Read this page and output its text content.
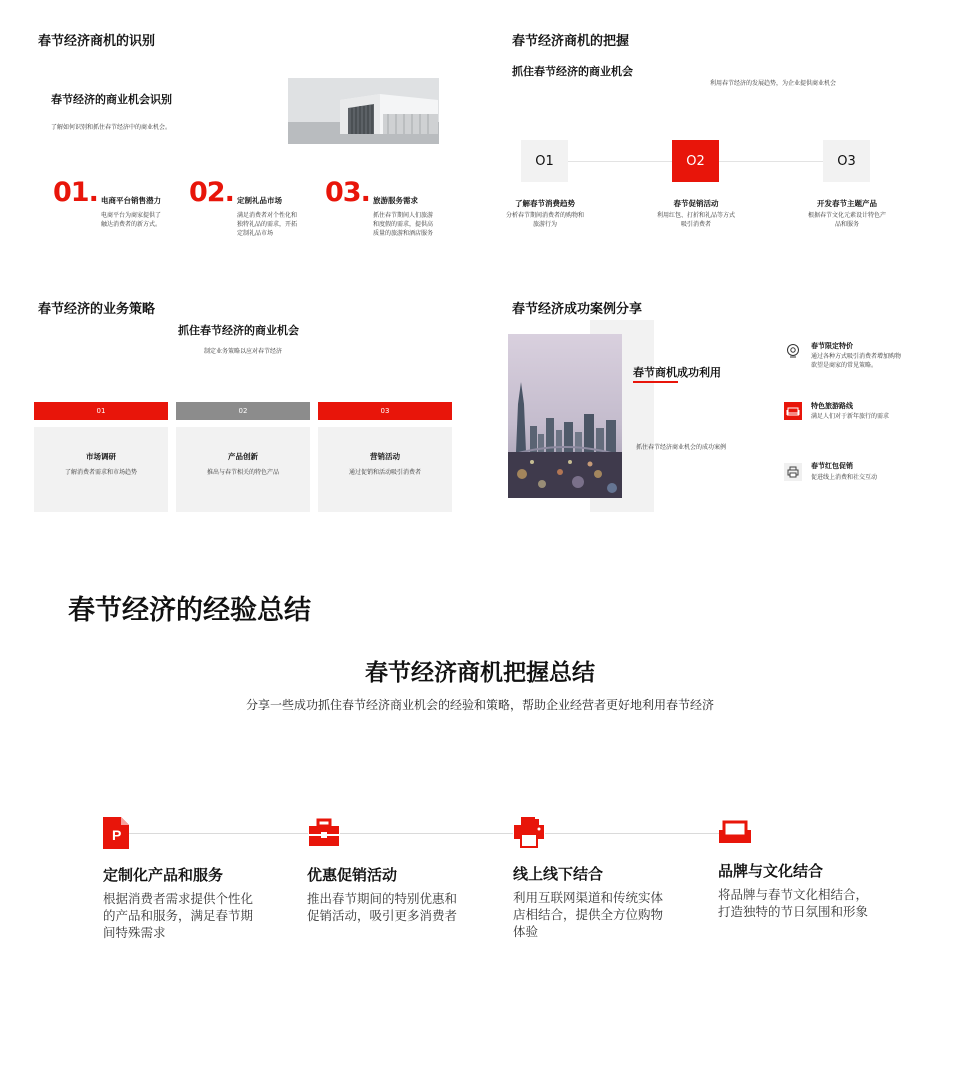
春节经济商机的识别
春节经济的商业机会识别
了解如何识别和抓住春节经济中的商业机会。
01. 电商平台销售潜力
电商平台为商家提供了触达消费者的新方式。
02. 定制礼品市场
满足消费者对个性化和独特礼品的需求，开拓定制礼品市场
03. 旅游服务需求
抓住春节期间人们旅游和度假的需求，提供高质量的旅游和酒店服务
春节经济商机的把握
抓住春节经济的商业机会
利用春节经济的发展趋势，为企业提供商业机会
O1	O2	O3
了解春节消费趋势
分析春节期间消费者的购物和旅游行为
春节促销活动
利用红包、打折和礼品等方式吸引消费者
开发春节主题产品
根据春节文化元素设计特色产品和服务
春节经济的业务策略
抓住春节经济的商业机会
制定业务策略以应对春节经济
01	02	03
市场调研
了解消费者需求和市场趋势
产品创新
推出与春节相关的特色产品
营销活动
通过促销和活动吸引消费者
春节经济成功案例分享
春节商机成功利用
抓住春节经济商业机会的成功案例
春节限定特价
通过各种方式吸引消费者增加购物欲望是商家的常见策略。
特色旅游路线
满足人们对于新年旅行的需求
春节红包促销
促进线上消费和社交互动
春节经济的经验总结
春节经济商机把握总结
分享一些成功抓住春节经济商业机会的经验和策略，帮助企业经营者更好地利用春节经济
P
定制化产品和服务
根据消费者需求提供个性化的产品和服务，满足春节期间特殊需求
优惠促销活动
推出春节期间的特别优惠和促销活动，吸引更多消费者
线上线下结合
利用互联网渠道和传统实体店相结合，提供全方位购物体验
品牌与文化结合
将品牌与春节文化相结合，打造独特的节日氛围和形象
